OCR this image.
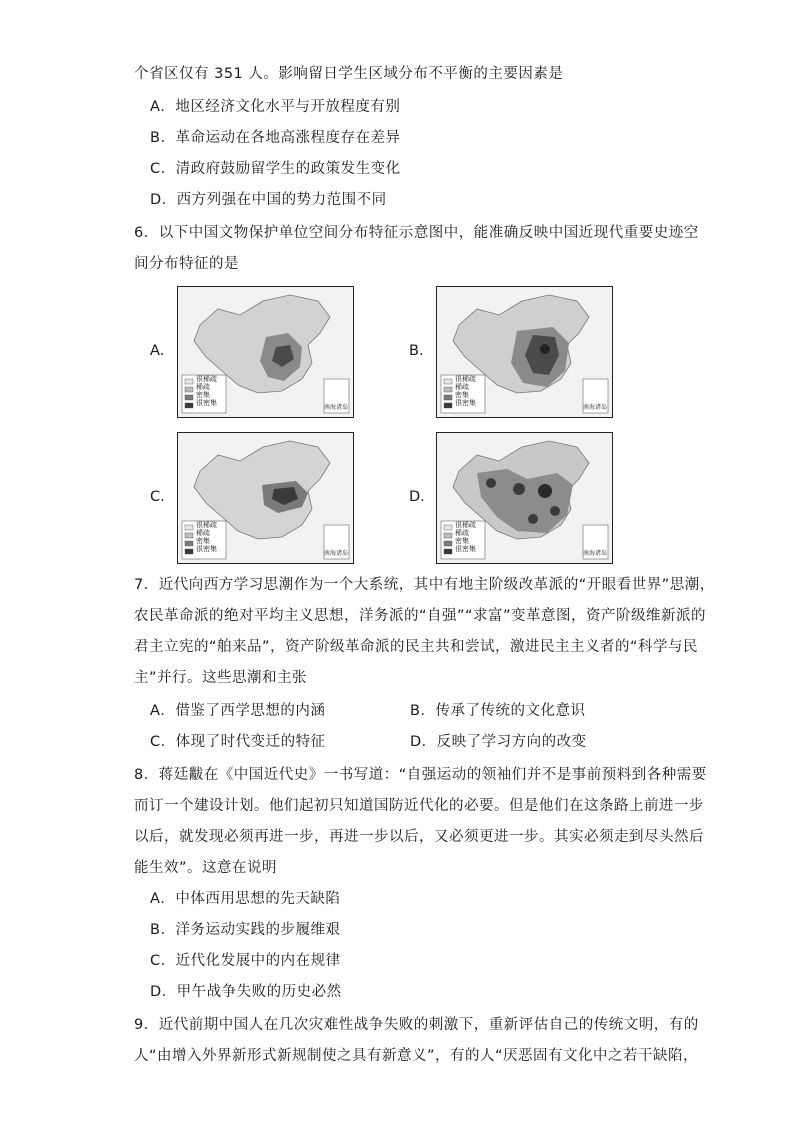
个省区仅有 351 人。影响留日学生区域分布不平衡的主要因素是
A．地区经济文化水平与开放程度有别
B．革命运动在各地高涨程度存在差异
C．清政府鼓励留学生的政策发生变化
D．西方列强在中国的势力范围不同
6．以下中国文物保护单位空间分布特征示意图中，能准确反映中国近现代重要史迹空
间分布特征的是
A．
很稀疏
稀疏
密集
很密集
南海诸岛
B．
很稀疏
稀疏
密集
很密集
南海诸岛
C．
很稀疏
稀疏
密集
很密集
南海诸岛
D．
很稀疏
稀疏
密集
很密集
南海诸岛
7．近代向西方学习思潮作为一个大系统，其中有地主阶级改革派的“开眼看世界”思潮，
农民革命派的绝对平均主义思想，洋务派的“自强”“求富”变革意图，资产阶级维新派的
君主立宪的“舶来品”，资产阶级革命派的民主共和尝试，激进民主主义者的“科学与民
主”并行。这些思潮和主张
A．借鉴了西学思想的内涵	B．传承了传统的文化意识
C．体现了时代变迁的特征	D．反映了学习方向的改变
8．蒋廷黻在《中国近代史》一书写道：“自强运动的领袖们并不是事前预料到各种需要
而订一个建设计划。他们起初只知道国防近代化的必要。但是他们在这条路上前进一步
以后，就发现必须再进一步，再进一步以后，又必须更进一步。其实必须走到尽头然后
能生效”。这意在说明
A．中体西用思想的先天缺陷
B．洋务运动实践的步履维艰
C．近代化发展中的内在规律
D．甲午战争失败的历史必然
9．近代前期中国人在几次灾难性战争失败的刺激下，重新评估自己的传统文明，有的
人“由增入外界新形式新规制使之具有新意义”，有的人“厌恶固有文化中之若干缺陷，
